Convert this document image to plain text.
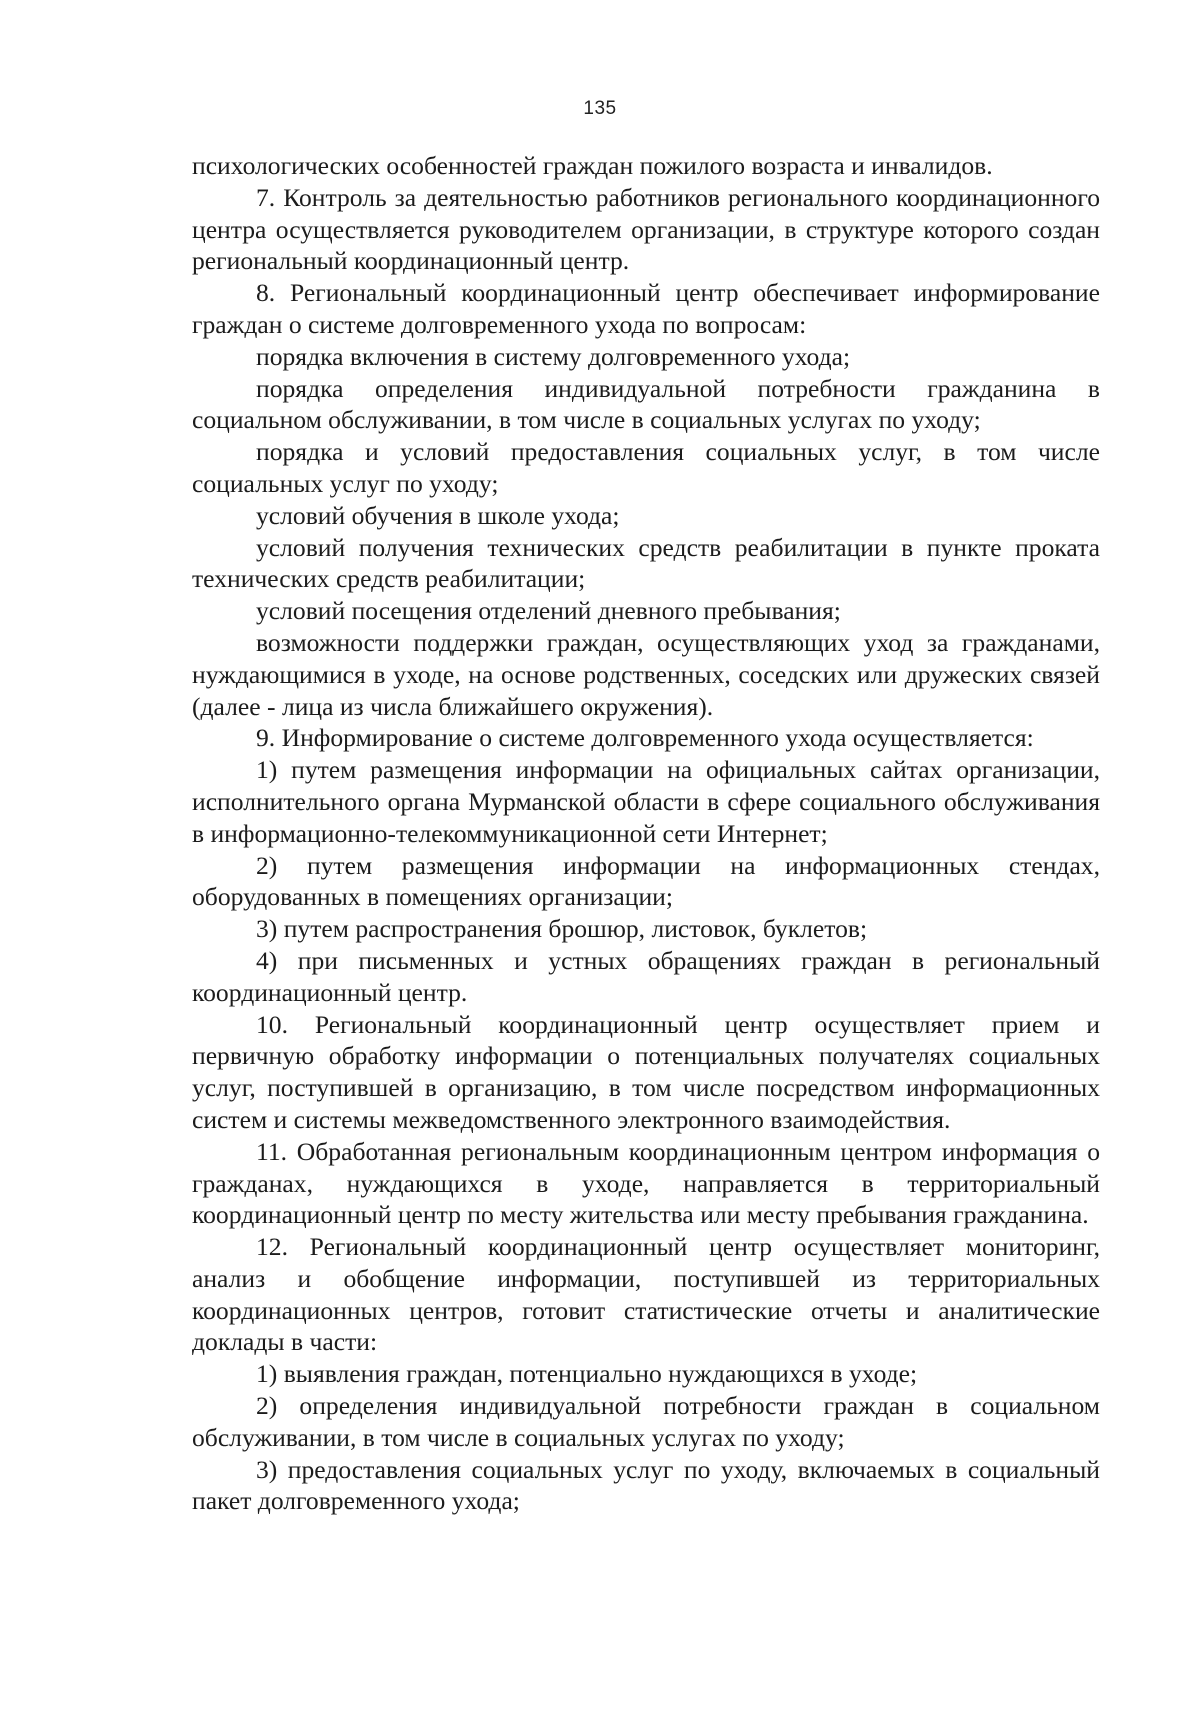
135

психологических особенностей граждан пожилого возраста и инвалидов.

7. Контроль за деятельностью работников регионального координационного центра осуществляется руководителем организации, в структуре которого создан региональный координационный центр.

8. Региональный координационный центр обеспечивает информирование граждан о системе долговременного ухода по вопросам:

порядка включения в систему долговременного ухода;

порядка определения индивидуальной потребности гражданина в социальном обслуживании, в том числе в социальных услугах по уходу;

порядка и условий предоставления социальных услуг, в том числе социальных услуг по уходу;

условий обучения в школе ухода;

условий получения технических средств реабилитации в пункте проката технических средств реабилитации;

условий посещения отделений дневного пребывания;

возможности поддержки граждан, осуществляющих уход за гражданами, нуждающимися в уходе, на основе родственных, соседских или дружеских связей (далее - лица из числа ближайшего окружения).

9. Информирование о системе долговременного ухода осуществляется:

1) путем размещения информации на официальных сайтах организации, исполнительного органа Мурманской области в сфере социального обслуживания в информационно-телекоммуникационной сети Интернет;

2) путем размещения информации на информационных стендах, оборудованных в помещениях организации;

3) путем распространения брошюр, листовок, буклетов;

4) при письменных и устных обращениях граждан в региональный координационный центр.

10. Региональный координационный центр осуществляет прием и первичную обработку информации о потенциальных получателях социальных услуг, поступившей в организацию, в том числе посредством информационных систем и системы межведомственного электронного взаимодействия.

11. Обработанная региональным координационным центром информация о гражданах, нуждающихся в уходе, направляется в территориальный координационный центр по месту жительства или месту пребывания гражданина.

12. Региональный координационный центр осуществляет мониторинг, анализ и обобщение информации, поступившей из территориальных координационных центров, готовит статистические отчеты и аналитические доклады в части:

1) выявления граждан, потенциально нуждающихся в уходе;

2) определения индивидуальной потребности граждан в социальном обслуживании, в том числе в социальных услугах по уходу;

3) предоставления социальных услуг по уходу, включаемых в социальный пакет долговременного ухода;
